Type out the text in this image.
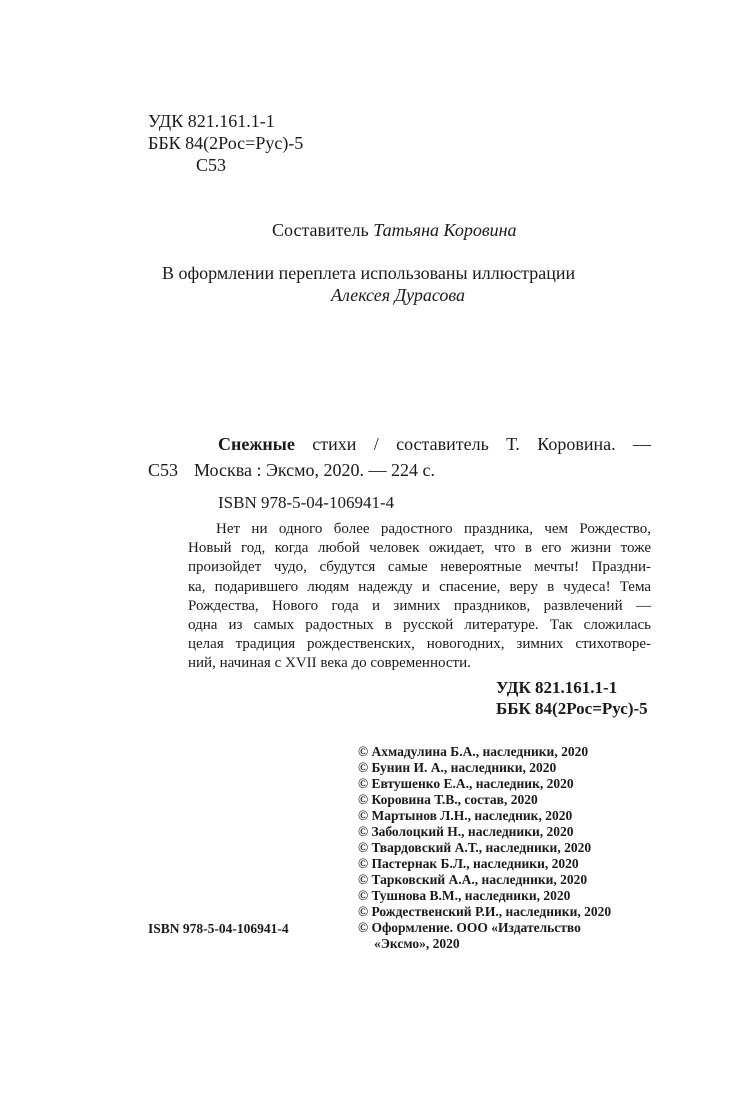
УДК 821.161.1-1
ББК 84(2Рос=Рус)-5
С53
Составитель Татьяна Коровина
В оформлении переплета использованы иллюстрации
Алексея Дурасова
Снежные стихи / составитель Т. Коровина. —
С53 Москва : Эксмо, 2020. — 224 с.
ISBN 978-5-04-106941-4
Нет ни одного более радостного праздника, чем Рождество,
Новый год, когда любой человек ожидает, что в его жизни тоже
произойдет чудо, сбудутся самые невероятные мечты! Праздни-
ка, подарившего людям надежду и спасение, веру в чудеса! Тема
Рождества, Нового года и зимних праздников, развлечений —
одна из самых радостных в русской литературе. Так сложилась
целая традиция рождественских, новогодних, зимних стихотворе-
ний, начиная с XVII века до современности.
УДК 821.161.1-1
ББК 84(2Рос=Рус)-5
© Ахмадулина Б.А., наследники, 2020
© Бунин И. А., наследники, 2020
© Евтушенко Е.А., наследник, 2020
© Коровина Т.В., состав, 2020
© Мартынов Л.Н., наследник, 2020
© Заболоцкий Н., наследники, 2020
© Твардовский А.Т., наследники, 2020
© Пастернак Б.Л., наследники, 2020
© Тарковский А.А., наследники, 2020
© Тушнова В.М., наследники, 2020
© Рождественский Р.И., наследники, 2020
© Оформление. ООО «Издательство
«Эксмо», 2020
ISBN 978-5-04-106941-4
